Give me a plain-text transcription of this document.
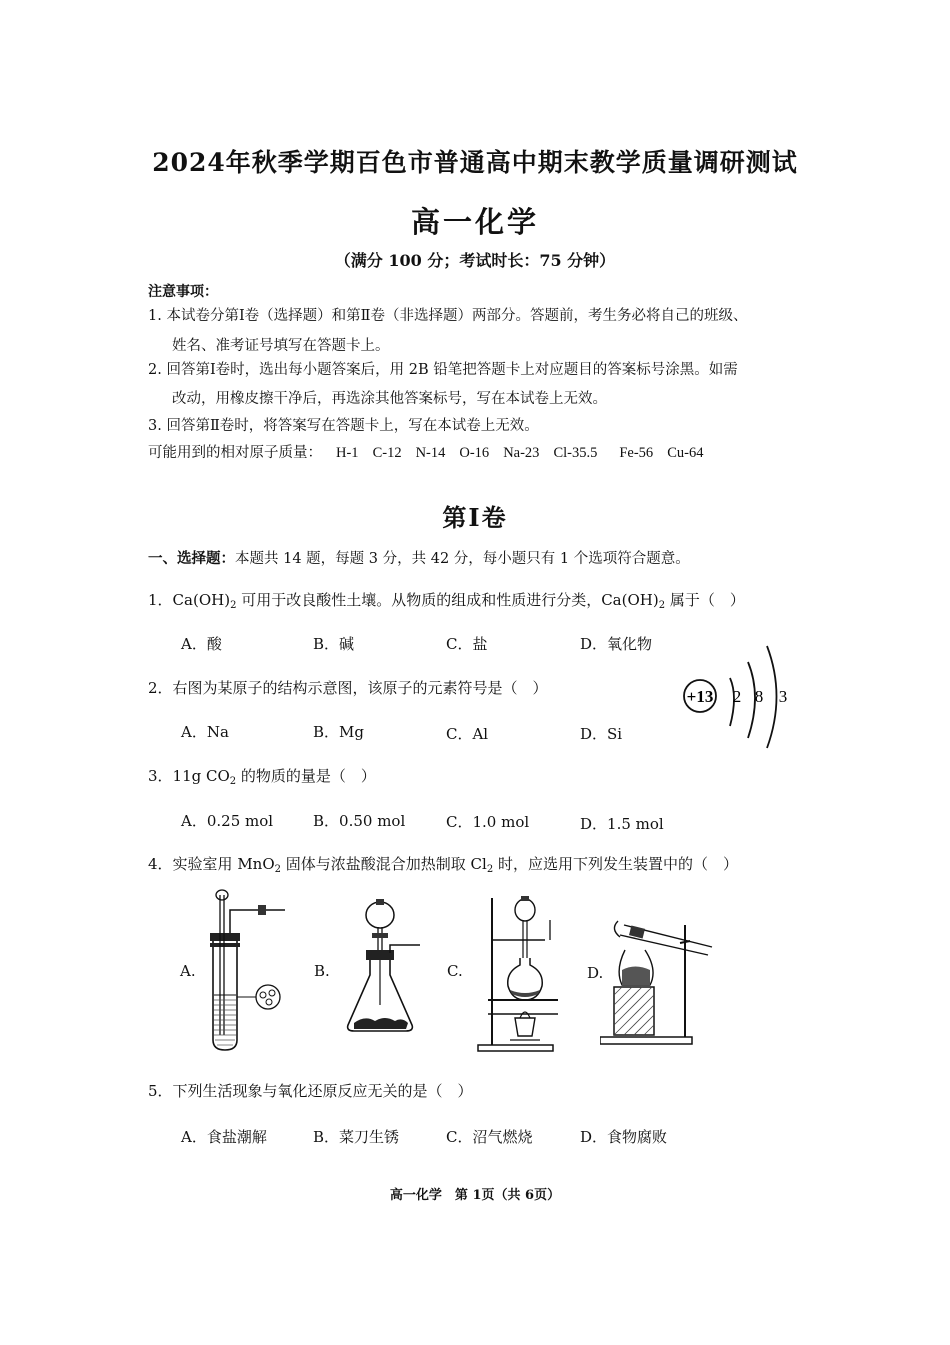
2024年秋季学期百色市普通高中期末教学质量调研测试
高一化学
（满分 100 分；考试时长：75 分钟）
注意事项：
1. 本试卷分第Ⅰ卷（选择题）和第Ⅱ卷（非选择题）两部分。答题前，考生务必将自己的班级、
姓名、准考证号填写在答题卡上。
2. 回答第Ⅰ卷时，选出每小题答案后，用 2B 铅笔把答题卡上对应题目的答案标号涂黑。如需
改动，用橡皮擦干净后，再选涂其他答案标号，写在本试卷上无效。
3. 回答第Ⅱ卷时，将答案写在答题卡上，写在本试卷上无效。
可能用到的相对原子质量： H-1 C-12 N-14 O-16 Na-23 Cl-35.5 Fe-56 Cu-64
第Ⅰ卷
一、选择题：本题共 14 题，每题 3 分，共 42 分，每小题只有 1 个选项符合题意。
1．$Ca(OH)_2$ 可用于改良酸性土壤。从物质的组成和性质进行分类，$Ca(OH)_2$ 属于（　）
A．酸	B．碱	C．盐	D．氧化物
2．右图为某原子的结构示意图，该原子的元素符号是（　）
A．Na	B．Mg	C．Al	D．Si
+13 2 8 3
3．11g $CO_2$ 的物质的量是（　）
A．0.25 mol	B．0.50 mol	C．1.0 mol	D．1.5 mol
4．实验室用 MnO$_2$ 固体与浓盐酸混合加热制取 $Cl_2$ 时，应选用下列发生装置中的（　）
A.	B.	C.	D.
5．下列生活现象与氧化还原反应无关的是（　）
A．食盐潮解	B．菜刀生锈	C．沼气燃烧	D．食物腐败
高一化学　第 1页（共 6页）
